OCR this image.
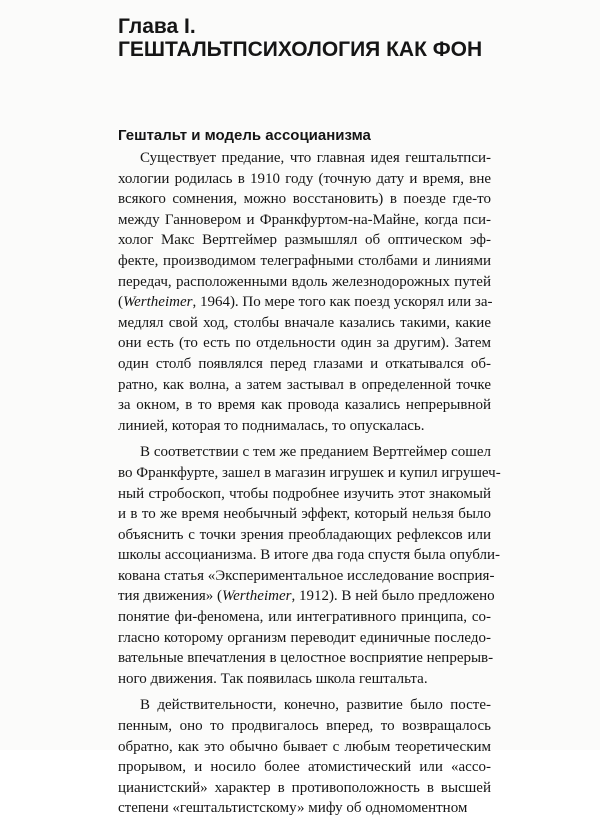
Глава I.
ГЕШТАЛЬТПСИХОЛОГИЯ КАК ФОН
Гештальт и модель ассоцианизма
Существует предание, что главная идея гештальтпси-
хологии родилась в 1910 году (точную дату и время, вне
всякого сомнения, можно восстановить) в поезде где-то
между Ганновером и Франкфуртом-на-Майне, когда пси-
холог Макс Вертгеймер размышлял об оптическом эф-
фекте, производимом телеграфными столбами и линиями
передач, расположенными вдоль железнодорожных путей
(Wertheimer, 1964). По мере того как поезд ускорял или за-
медлял свой ход, столбы вначале казались такими, какие
они есть (то есть по отдельности один за другим). Затем
один столб появлялся перед глазами и откатывался об-
ратно, как волна, а затем застывал в определенной точке
за окном, в то время как провода казались непрерывной
линией, которая то поднималась, то опускалась.
В соответствии с тем же преданием Вертгеймер сошел
во Франкфурте, зашел в магазин игрушек и купил игрушеч-
ный стробоскоп, чтобы подробнее изучить этот знакомый
и в то же время необычный эффект, который нельзя было
объяснить с точки зрения преобладающих рефлексов или
школы ассоцианизма. В итоге два года спустя была опубли-
кована статья «Экспериментальное исследование восприя-
тия движения» (Wertheimer, 1912). В ней было предложено
понятие фи-феномена, или интегративного принципа, со-
гласно которому организм переводит единичные последо-
вательные впечатления в целостное восприятие непрерыв-
ного движения. Так появилась школа гештальта.
В действительности, конечно, развитие было посте-
пенным, оно то продвигалось вперед, то возвращалось
обратно, как это обычно бывает с любым теоретическим
прорывом, и носило более атомистический или «ассо-
цианистский» характер в противоположность в высшей
степени «гештальтистскому» мифу об одномоментном
